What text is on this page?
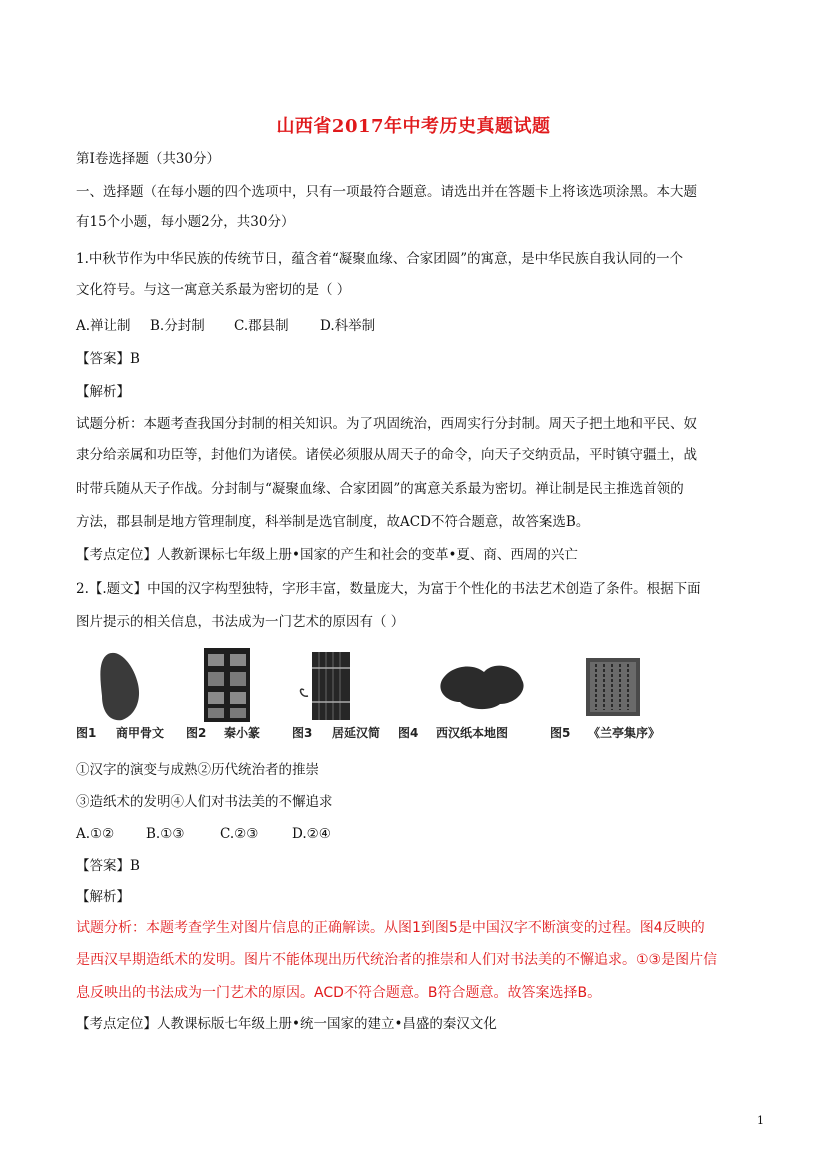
山西省2017年中考历史真题试题
第Ⅰ卷选择题（共30分）
一、选择题（在每小题的四个选项中，只有一项最符合题意。请选出并在答题卡上将该选项涂黑。本大题
有15个小题，每小题2分，共30分）
1.中秋节作为中华民族的传统节日，蕴含着“凝聚血缘、合家团圆”的寓意，是中华民族自我认同的一个
文化符号。与这一寓意关系最为密切的是（ ）
A.禅让制 B.分封制 C.郡县制 D.科举制
【答案】B
【解析】
试题分析：本题考查我国分封制的相关知识。为了巩固统治，西周实行分封制。周天子把土地和平民、奴
隶分给亲属和功臣等，封他们为诸侯。诸侯必须服从周天子的命令，向天子交纳贡品，平时镇守疆土，战
时带兵随从天子作战。分封制与“凝聚血缘、合家团圆”的寓意关系最为密切。禅让制是民主推选首领的
方法，郡县制是地方管理制度，科举制是选官制度，故ACD不符合题意，故答案选B。
【考点定位】人教新课标七年级上册•国家的产生和社会的变革•夏、商、西周的兴亡
2.【.题文】中国的汉字构型独特，字形丰富，数量庞大，为富于个性化的书法艺术创造了条件。根据下面
图片提示的相关信息，书法成为一门艺术的原因有（ ）
图1 商甲骨文 图2 秦小篆	图3 居延汉简 图4 西汉纸本地图	图5 《兰亭集序》
①汉字的演变与成熟②历代统治者的推崇
③造纸术的发明④人们对书法美的不懈追求
A.①② B.①③	C.②③ D.②④
【答案】B
【解析】
试题分析：本题考查学生对图片信息的正确解读。从图1到图5是中国汉字不断演变的过程。图4反映的
是西汉早期造纸术的发明。图片不能体现出历代统治者的推崇和人们对书法美的不懈追求。①③是图片信
息反映出的书法成为一门艺术的原因。ACD不符合题意。B符合题意。故答案选择B。
【考点定位】人教课标版七年级上册•统一国家的建立•昌盛的秦汉文化
1
